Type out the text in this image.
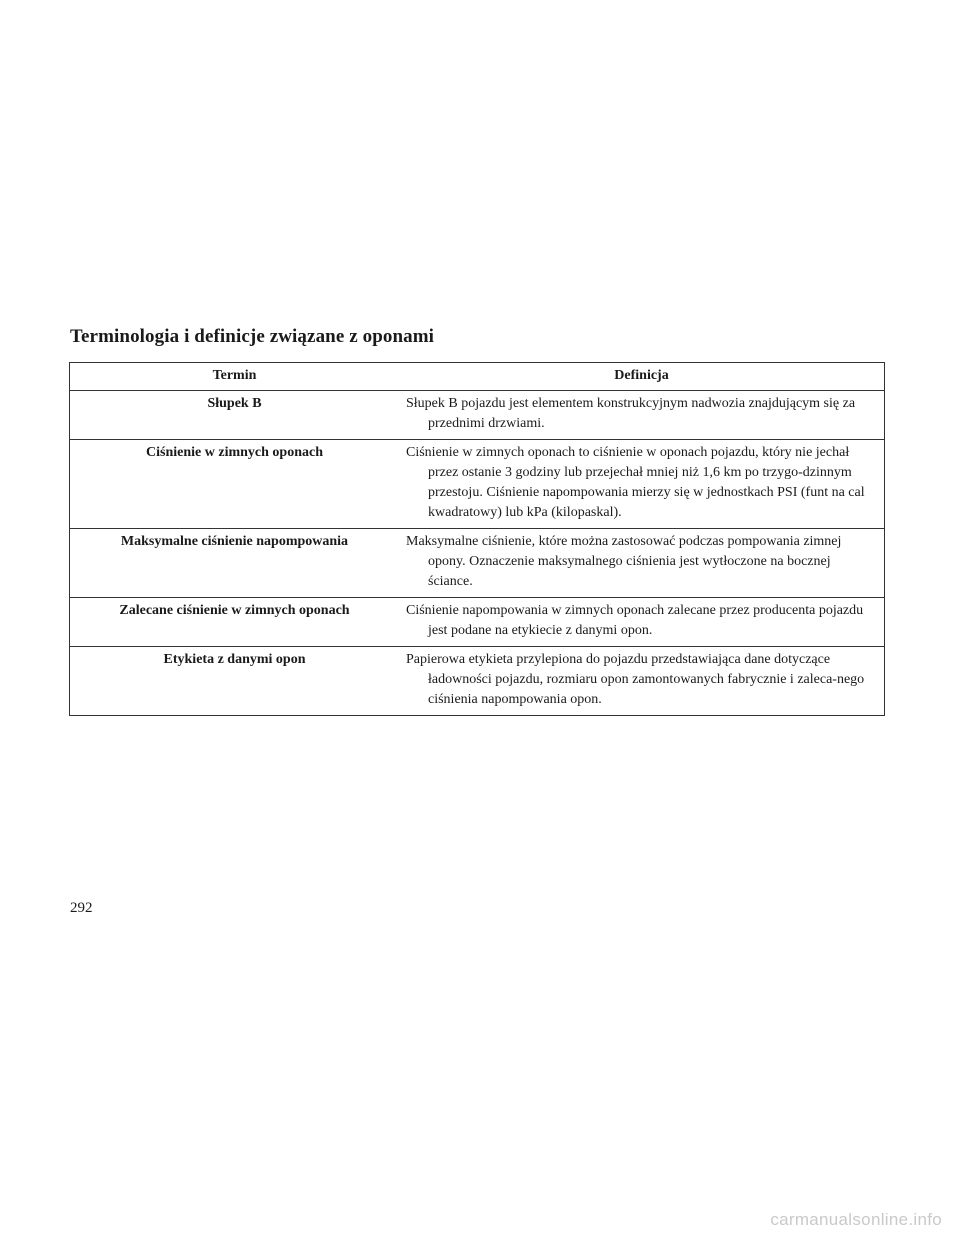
Terminologia i definicje związane z oponami
Termin	Definicja
Słupek B	Słupek B pojazdu jest elementem konstrukcyjnym nadwozia znajdującym się za przednimi drzwiami.

Ciśnienie w zimnych oponach	Ciśnienie w zimnych oponach to ciśnienie w oponach pojazdu, który nie jechał przez ostanie 3 godziny lub przejechał mniej niż 1,6 km po trzygo-dzinnym przestoju. Ciśnienie napompowania mierzy się w jednostkach PSI (funt na cal kwadratowy) lub kPa (kilopaskal).

Maksymalne ciśnienie napompowania	Maksymalne ciśnienie, które można zastosować podczas pompowania zimnej opony. Oznaczenie maksymalnego ciśnienia jest wytłoczone na bocznej ściance.

Zalecane ciśnienie w zimnych oponach	Ciśnienie napompowania w zimnych oponach zalecane przez producenta pojazdu jest podane na etykiecie z danymi opon.

Etykieta z danymi opon	Papierowa etykieta przylepiona do pojazdu przedstawiająca dane dotyczące ładowności pojazdu, rozmiaru opon zamontowanych fabrycznie i zaleca-nego ciśnienia napompowania opon.
292
carmanualsonline.info
